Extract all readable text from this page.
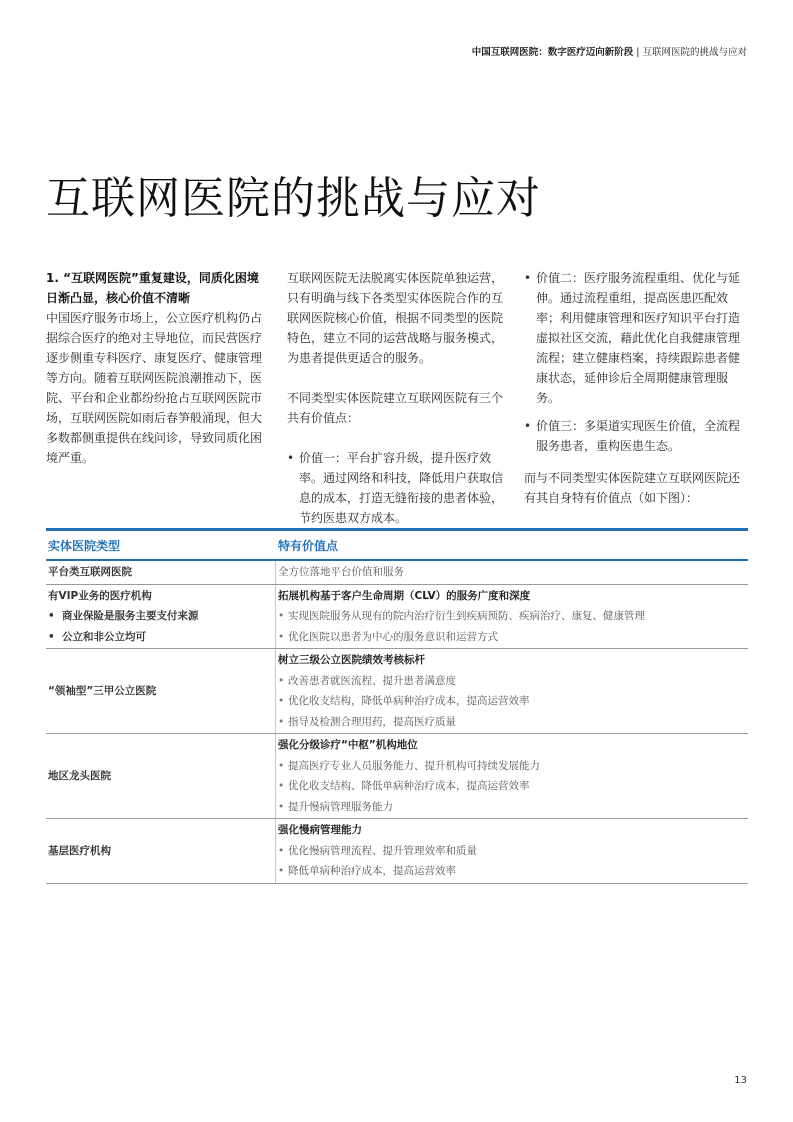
中国互联网医院：数字医疗迈向新阶段 | 互联网医院的挑战与应对
互联网医院的挑战与应对

1. “互联网医院”重复建设，同质化困境日渐凸显，核心价值不清晰

中国医疗服务市场上，公立医疗机构仍占据综合医疗的绝对主导地位，而民营医疗逐步侧重专科医疗、康复医疗、健康管理等方向。随着互联网医院浪潮推动下，医院、平台和企业都纷纷抢占互联网医院市场，互联网医院如雨后春笋般涌现，但大多数都侧重提供在线问诊，导致同质化困境严重。

互联网医院无法脱离实体医院单独运营，只有明确与线下各类型实体医院合作的互联网医院核心价值，根据不同类型的医院特色，建立不同的运营战略与服务模式，为患者提供更适合的服务。

不同类型实体医院建立互联网医院有三个共有价值点：

• 价值一：平台扩容升级，提升医疗效率。通过网络和科技，降低用户获取信息的成本，打造无缝衔接的患者体验，节约医患双方成本。
• 价值二：医疗服务流程重组、优化与延伸。通过流程重组，提高医患匹配效率；利用健康管理和医疗知识平台打造虚拟社区交流，藉此优化自我健康管理流程；建立健康档案，持续跟踪患者健康状态，延伸诊后全周期健康管理服务。
• 价值三：多渠道实现医生价值，全流程服务患者，重构医患生态。

而与不同类型实体医院建立互联网医院还有其自身特有价值点（如下图）：

实体医院类型	特有价值点
平台类互联网医院	全方位落地平台价值和服务
有VIP业务的医疗机构
•  商业保险是服务主要支付来源
•  公立和非公立均可
拓展机构基于客户生命周期（CLV）的服务广度和深度
• 实现医院服务从现有的院内治疗衍生到疾病预防、疾病治疗、康复、健康管理
• 优化医院以患者为中心的服务意识和运营方式
“领袖型”三甲公立医院
树立三级公立医院绩效考核标杆
• 改善患者就医流程、提升患者满意度
• 优化收支结构，降低单病种治疗成本，提高运营效率
• 指导及检测合理用药，提高医疗质量
地区龙头医院
强化分级诊疗“中枢”机构地位
• 提高医疗专业人员服务能力、提升机构可持续发展能力
• 优化收支结构、降低单病种治疗成本，提高运营效率
• 提升慢病管理服务能力
基层医疗机构
强化慢病管理能力
• 优化慢病管理流程、提升管理效率和质量
• 降低单病种治疗成本，提高运营效率
13
